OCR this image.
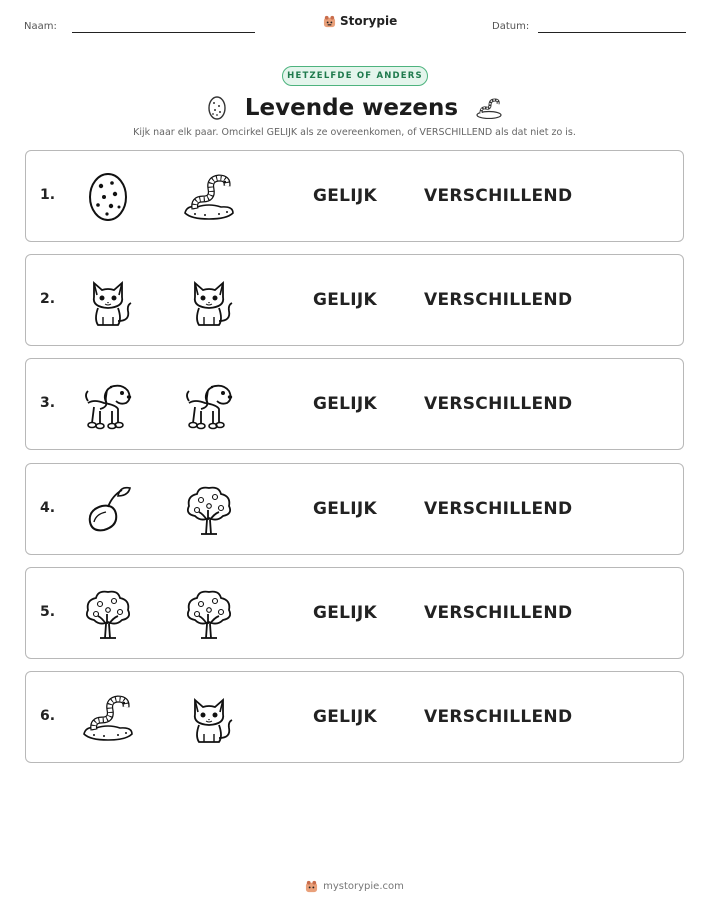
Naam:	Storypie	Datum:
HETZELFDE OF ANDERS
Levende wezens
Kijk naar elk paar. Omcirkel GELIJK als ze overeenkomen, of VERSCHILLEND als dat niet zo is.
1.	GELIJK	VERSCHILLEND
2.	GELIJK	VERSCHILLEND
3.	GELIJK	VERSCHILLEND
4.	GELIJK	VERSCHILLEND
5.	GELIJK	VERSCHILLEND
6.	GELIJK	VERSCHILLEND
mystorypie.com
